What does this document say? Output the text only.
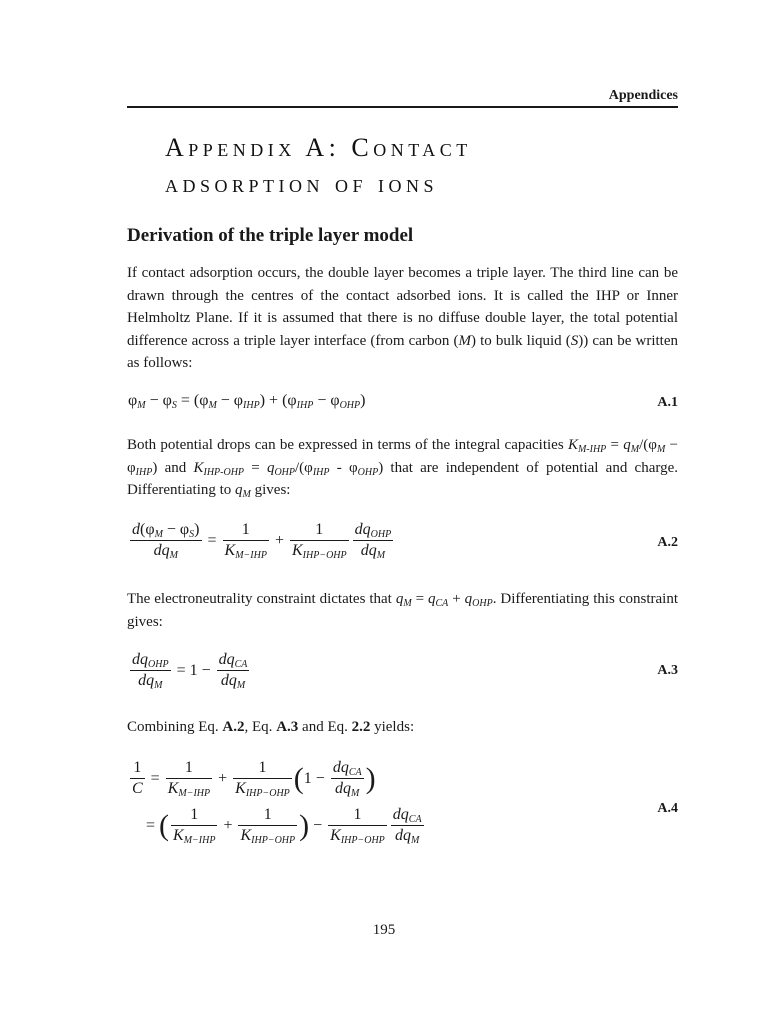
Appendices
Appendix A: Contact
adsorption of ions
Derivation of the triple layer model
If contact adsorption occurs, the double layer becomes a triple layer. The third line can be drawn through the centres of the contact adsorbed ions. It is called the IHP or Inner Helmholtz Plane. If it is assumed that there is no diffuse double layer, the total potential difference across a triple layer interface (from carbon (M) to bulk liquid (S)) can be written as follows:
$\varphi_M - \varphi_S = (\varphi_M - \varphi_{IHP}) + (\varphi_{IHP} - \varphi_{OHP})$	A.1
Both potential drops can be expressed in terms of the integral capacities $K_{M-IHP} = q_M/(\varphi_M - \varphi_{IHP})$ and $K_{IHP-OHP} = q_{OHP}/(\varphi_{IHP} - \varphi_{OHP})$ that are independent of potential and charge. Differentiating to $q_M$ gives:
$\frac{d(\varphi_M - \varphi_S)}{dq_M} = \frac{1}{K_{M-IHP}} + \frac{1}{K_{IHP-OHP}} \frac{dq_{OHP}}{dq_M}$	A.2
The electroneutrality constraint dictates that $q_M = q_{CA} + q_{OHP}$. Differentiating this constraint gives:
$\frac{dq_{OHP}}{dq_M} = 1 - \frac{dq_{CA}}{dq_M}$	A.3
Combining Eq. A.2, Eq. A.3 and Eq. 2.2 yields:
$\frac{1}{C} = \frac{1}{K_{M-IHP}} + \frac{1}{K_{IHP-OHP}}$ ( $1 - \frac{dq_{CA}}{dq_M}$ )
= ( $\frac{1}{K_{M-IHP}} + \frac{1}{K_{IHP-OHP}}$ ) − $\frac{1}{K_{IHP-OHP}} \frac{dq_{CA}}{dq_M}$	A.4
195
